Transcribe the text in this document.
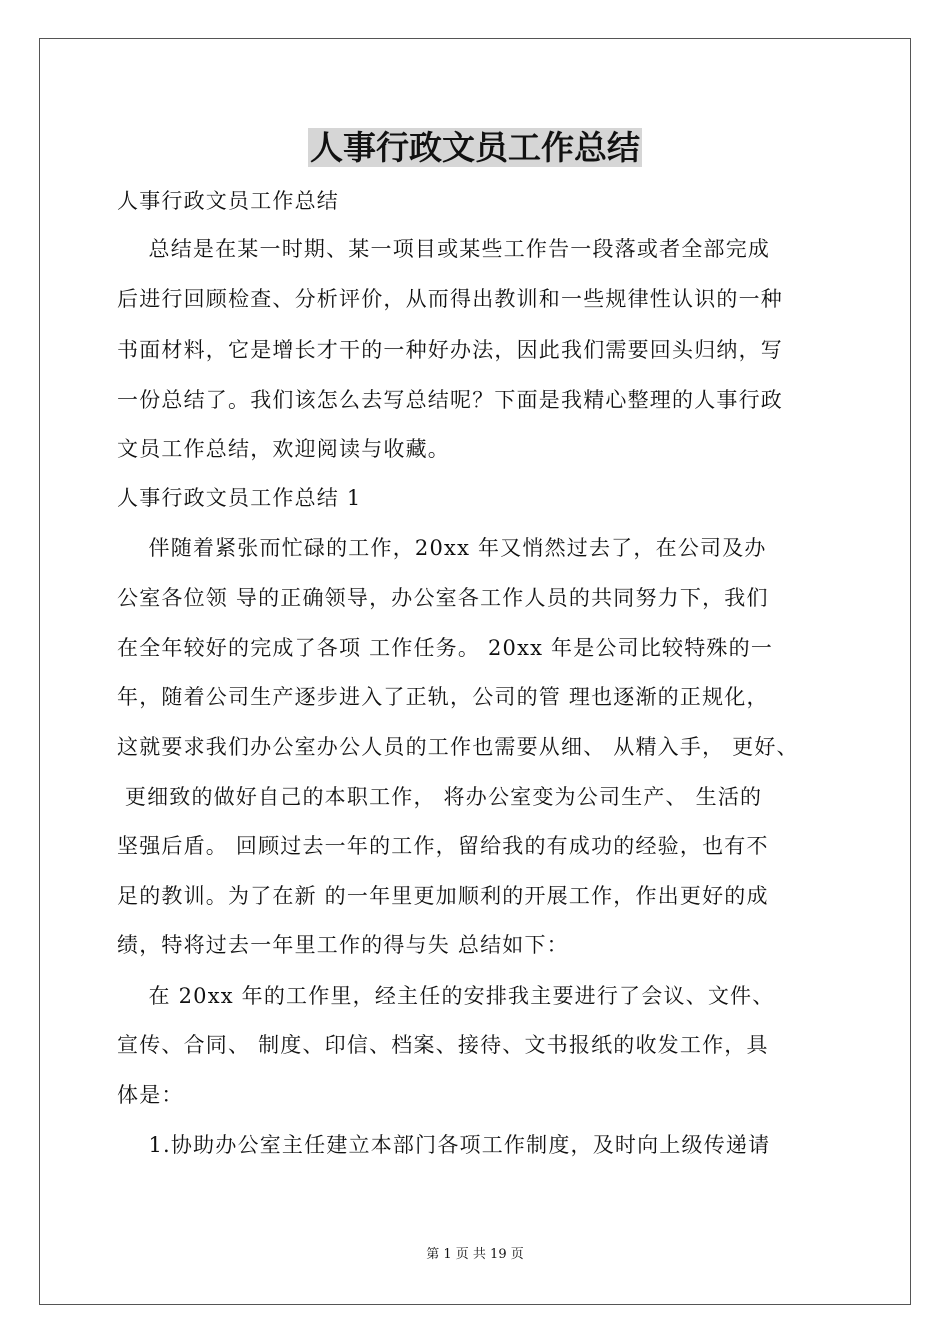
人事行政文员工作总结
人事行政文员工作总结
总结是在某一时期、某一项目或某些工作告一段落或者全部完成
后进行回顾检查、分析评价，从而得出教训和一些规律性认识的一种
书面材料，它是增长才干的一种好办法，因此我们需要回头归纳，写
一份总结了。我们该怎么去写总结呢？下面是我精心整理的人事行政
文员工作总结，欢迎阅读与收藏。
人事行政文员工作总结 1
伴随着紧张而忙碌的工作，20xx 年又悄然过去了，在公司及办
公室各位领 导的正确领导，办公室各工作人员的共同努力下，我们
在全年较好的完成了各项 工作任务。 20xx 年是公司比较特殊的一
年，随着公司生产逐步进入了正轨，公司的管 理也逐渐的正规化，
这就要求我们办公室办公人员的工作也需要从细、 从精入手， 更好、
更细致的做好自己的本职工作， 将办公室变为公司生产、 生活的
坚强后盾。 回顾过去一年的工作，留给我的有成功的经验，也有不
足的教训。为了在新 的一年里更加顺利的开展工作，作出更好的成
绩，特将过去一年里工作的得与失 总结如下：
在 20xx 年的工作里，经主任的安排我主要进行了会议、文件、
宣传、合同、 制度、印信、档案、接待、文书报纸的收发工作，具
体是：
1.协助办公室主任建立本部门各项工作制度，及时向上级传递请
第 1 页 共 19 页
